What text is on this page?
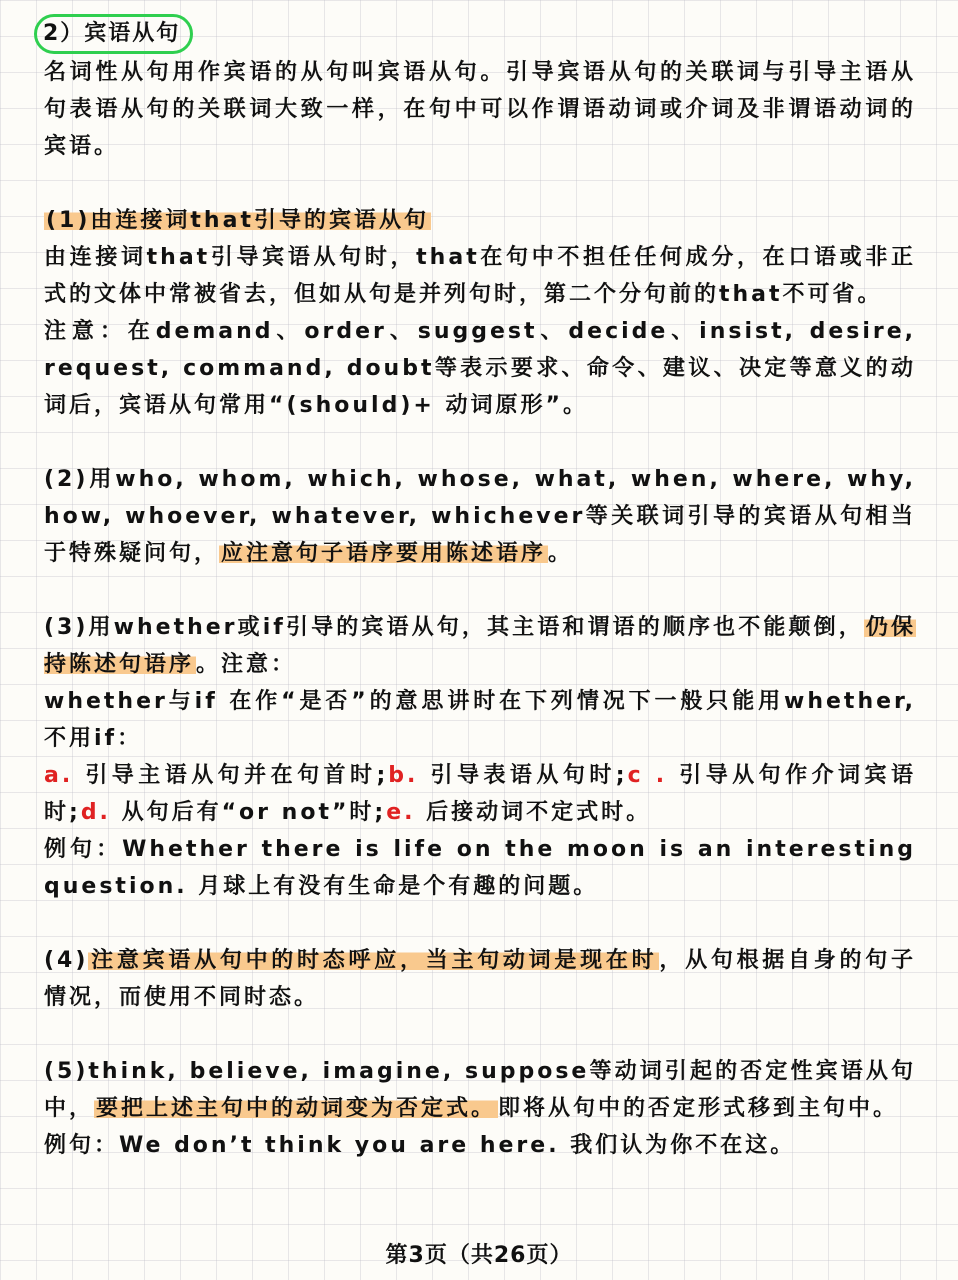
2）宾语从句

名词性从句用作宾语的从句叫宾语从句。引导宾语从句的关联词与引导主语从句表语从句的关联词大致一样，在句中可以作谓语动词或介词及非谓语动词的宾语。

(1)由连接词that引导的宾语从句

由连接词that引导宾语从句时，that在句中不担任任何成分，在口语或非正式的文体中常被省去，但如从句是并列句时，第二个分句前的that不可省。

注意：在demand、order、suggest、decide、insist, desire, request, command, doubt等表示要求、命令、建议、决定等意义的动词后，宾语从句常用“(should)+ 动词原形”。

(2)用who, whom, which, whose, what, when, where, why, how, whoever, whatever, whichever等关联词引导的宾语从句相当于特殊疑问句，应注意句子语序要用陈述语序。

(3)用whether或if引导的宾语从句，其主语和谓语的顺序也不能颠倒，仍保持陈述句语序。注意：

whether与if 在作“是否”的意思讲时在下列情况下一般只能用whether, 不用if：

a. 引导主语从句并在句首时;b. 引导表语从句时;c . 引导从句作介词宾语时;d. 从句后有“or not”时;e. 后接动词不定式时。

例句：Whether there is life on the moon is an interesting question. 月球上有没有生命是个有趣的问题。

(4)注意宾语从句中的时态呼应，当主句动词是现在时，从句根据自身的句子情况，而使用不同时态。

(5)think, believe, imagine, suppose等动词引起的否定性宾语从句中，要把上述主句中的动词变为否定式。即将从句中的否定形式移到主句中。

例句：We don’t think you are here. 我们认为你不在这。

第3页（共26页）
